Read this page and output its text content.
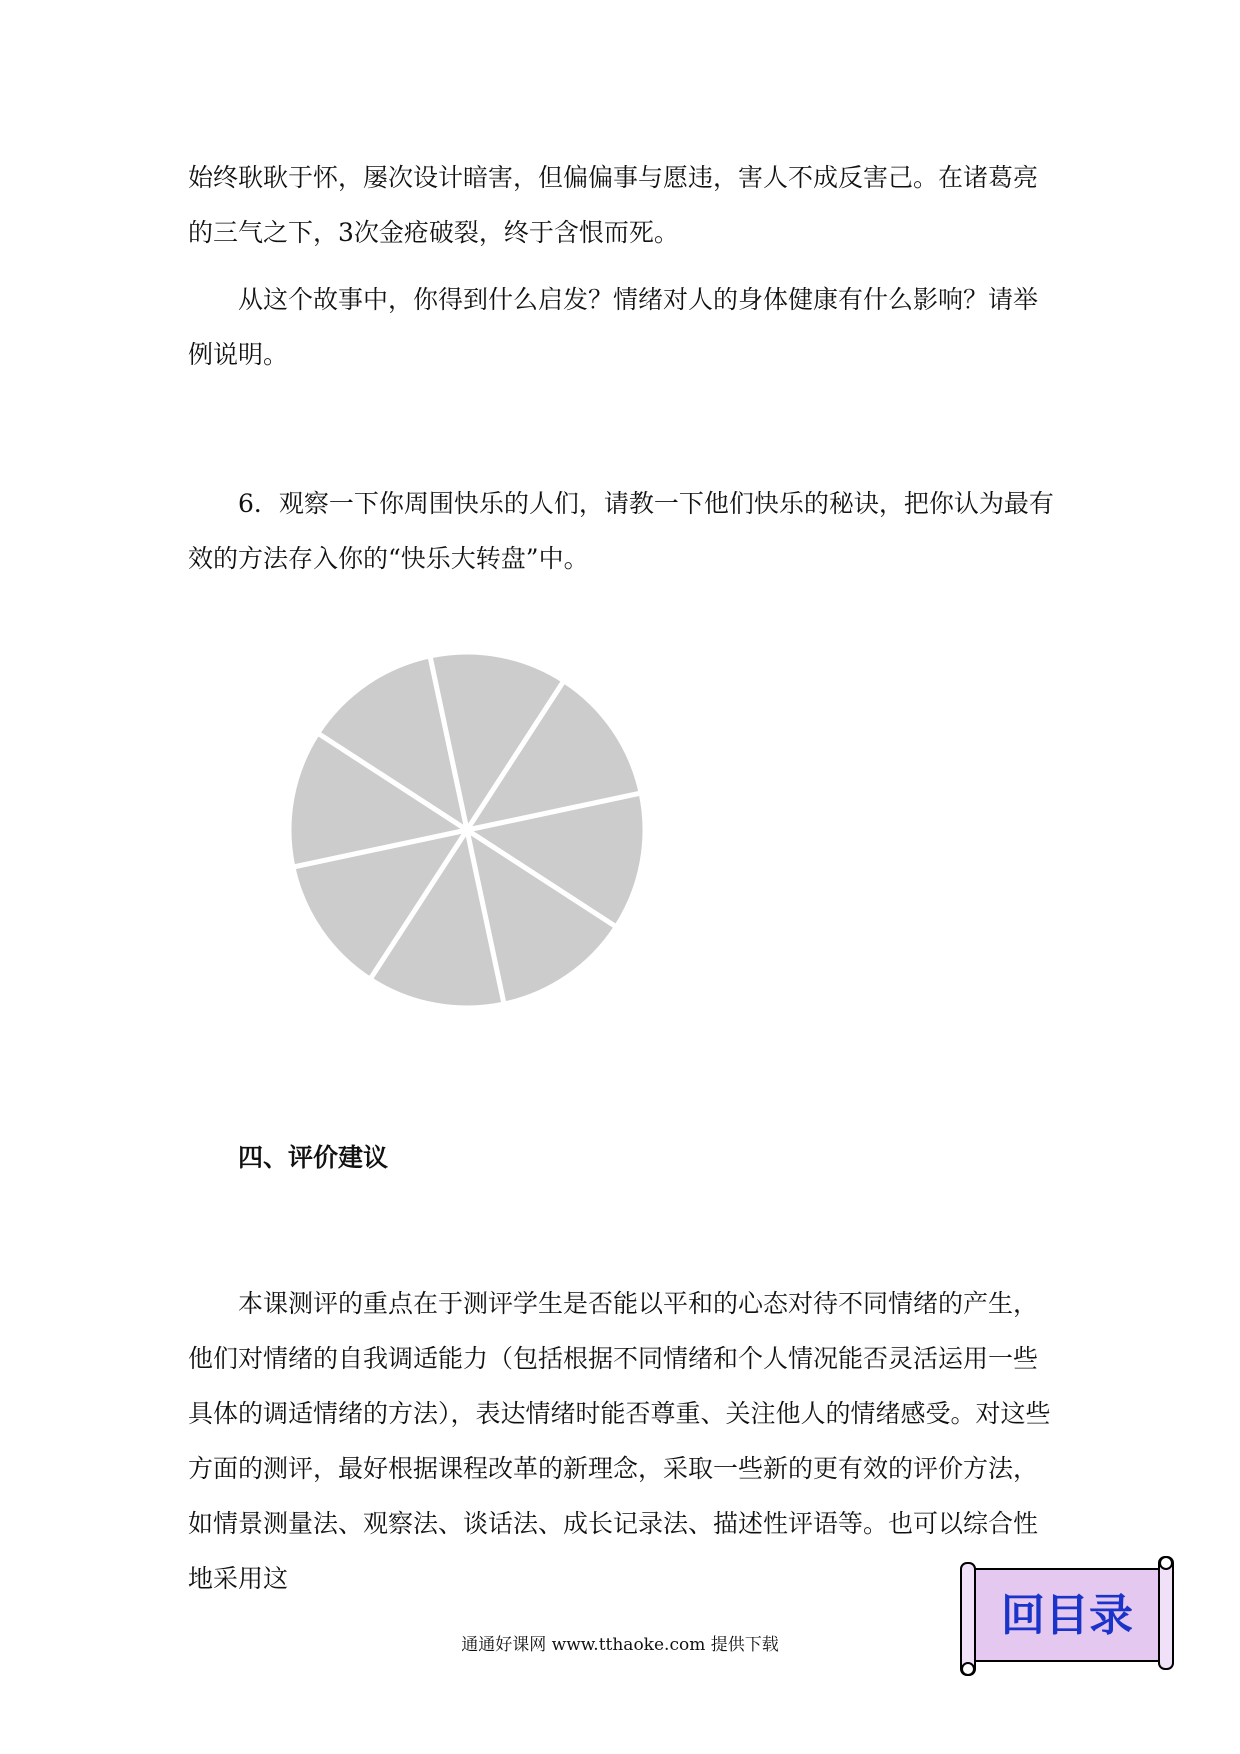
始终耿耿于怀，屡次设计暗害，但偏偏事与愿违，害人不成反害己。在诸葛亮的三气之下，3次金疮破裂，终于含恨而死。

从这个故事中，你得到什么启发？情绪对人的身体健康有什么影响？请举例说明。

6．观察一下你周围快乐的人们，请教一下他们快乐的秘诀，把你认为最有效的方法存入你的“快乐大转盘”中。

四、评价建议

本课测评的重点在于测评学生是否能以平和的心态对待不同情绪的产生，他们对情绪的自我调适能力（包括根据不同情绪和个人情况能否灵活运用一些具体的调适情绪的方法），表达情绪时能否尊重、关注他人的情绪感受。对这些方面的测评，最好根据课程改革的新理念，采取一些新的更有效的评价方法，如情景测量法、观察法、谈话法、成长记录法、描述性评语等。也可以综合性地采用这

通通好课网 www.tthaoke.com 提供下载
回目录
